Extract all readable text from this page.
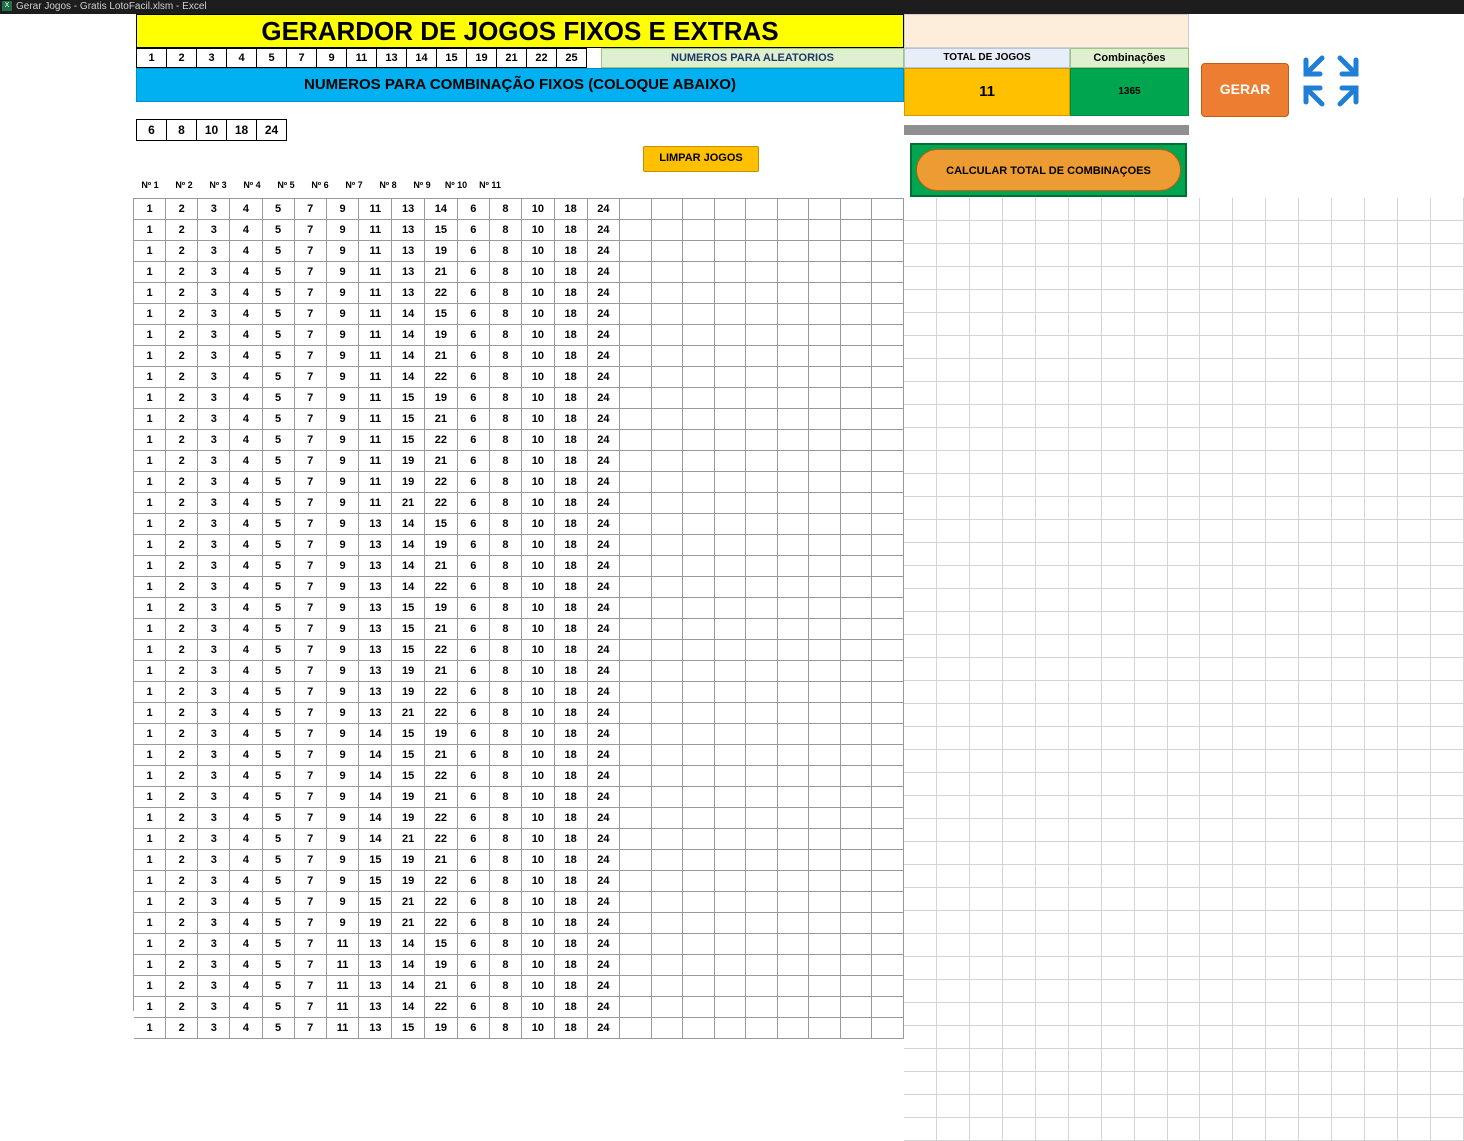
X Gerar Jogos - Gratis LotoFacil.xlsm - Excel
GERARDOR DE JOGOS FIXOS E EXTRAS
1	2	3	4	5	7	9	11	13	14	15	19	21	22	25	NUMEROS PARA ALEATORIOS	TOTAL DE JOGOS	Combinações
NUMEROS PARA COMBINAÇÃO FIXOS (COLOQUE ABAIXO)	11	1365
6	8	10	18	24
GERAR
LIMPAR JOGOS
CALCULAR TOTAL DE COMBINAÇOES
Nº 1	Nº 2	Nº 3	Nº 4	Nº 5	Nº 6	Nº 7	Nº 8	Nº 9	Nº 10	Nº 11
1	2	3	4	5	7	9	11	13	14	6	8	10	18	24									
1	2	3	4	5	7	9	11	13	15	6	8	10	18	24									
1	2	3	4	5	7	9	11	13	19	6	8	10	18	24									
1	2	3	4	5	7	9	11	13	21	6	8	10	18	24									
1	2	3	4	5	7	9	11	13	22	6	8	10	18	24									
1	2	3	4	5	7	9	11	14	15	6	8	10	18	24									
1	2	3	4	5	7	9	11	14	19	6	8	10	18	24									
1	2	3	4	5	7	9	11	14	21	6	8	10	18	24									
1	2	3	4	5	7	9	11	14	22	6	8	10	18	24									
1	2	3	4	5	7	9	11	15	19	6	8	10	18	24									
1	2	3	4	5	7	9	11	15	21	6	8	10	18	24									
1	2	3	4	5	7	9	11	15	22	6	8	10	18	24									
1	2	3	4	5	7	9	11	19	21	6	8	10	18	24									
1	2	3	4	5	7	9	11	19	22	6	8	10	18	24									
1	2	3	4	5	7	9	11	21	22	6	8	10	18	24									
1	2	3	4	5	7	9	13	14	15	6	8	10	18	24									
1	2	3	4	5	7	9	13	14	19	6	8	10	18	24									
1	2	3	4	5	7	9	13	14	21	6	8	10	18	24									
1	2	3	4	5	7	9	13	14	22	6	8	10	18	24									
1	2	3	4	5	7	9	13	15	19	6	8	10	18	24									
1	2	3	4	5	7	9	13	15	21	6	8	10	18	24									
1	2	3	4	5	7	9	13	15	22	6	8	10	18	24									
1	2	3	4	5	7	9	13	19	21	6	8	10	18	24									
1	2	3	4	5	7	9	13	19	22	6	8	10	18	24									
1	2	3	4	5	7	9	13	21	22	6	8	10	18	24									
1	2	3	4	5	7	9	14	15	19	6	8	10	18	24									
1	2	3	4	5	7	9	14	15	21	6	8	10	18	24									
1	2	3	4	5	7	9	14	15	22	6	8	10	18	24									
1	2	3	4	5	7	9	14	19	21	6	8	10	18	24									
1	2	3	4	5	7	9	14	19	22	6	8	10	18	24									
1	2	3	4	5	7	9	14	21	22	6	8	10	18	24									
1	2	3	4	5	7	9	15	19	21	6	8	10	18	24									
1	2	3	4	5	7	9	15	19	22	6	8	10	18	24									
1	2	3	4	5	7	9	15	21	22	6	8	10	18	24									
1	2	3	4	5	7	9	19	21	22	6	8	10	18	24									
1	2	3	4	5	7	11	13	14	15	6	8	10	18	24									
1	2	3	4	5	7	11	13	14	19	6	8	10	18	24									
1	2	3	4	5	7	11	13	14	21	6	8	10	18	24									
1	2	3	4	5	7	11	13	14	22	6	8	10	18	24									
1	2	3	4	5	7	11	13	15	19	6	8	10	18	24									
